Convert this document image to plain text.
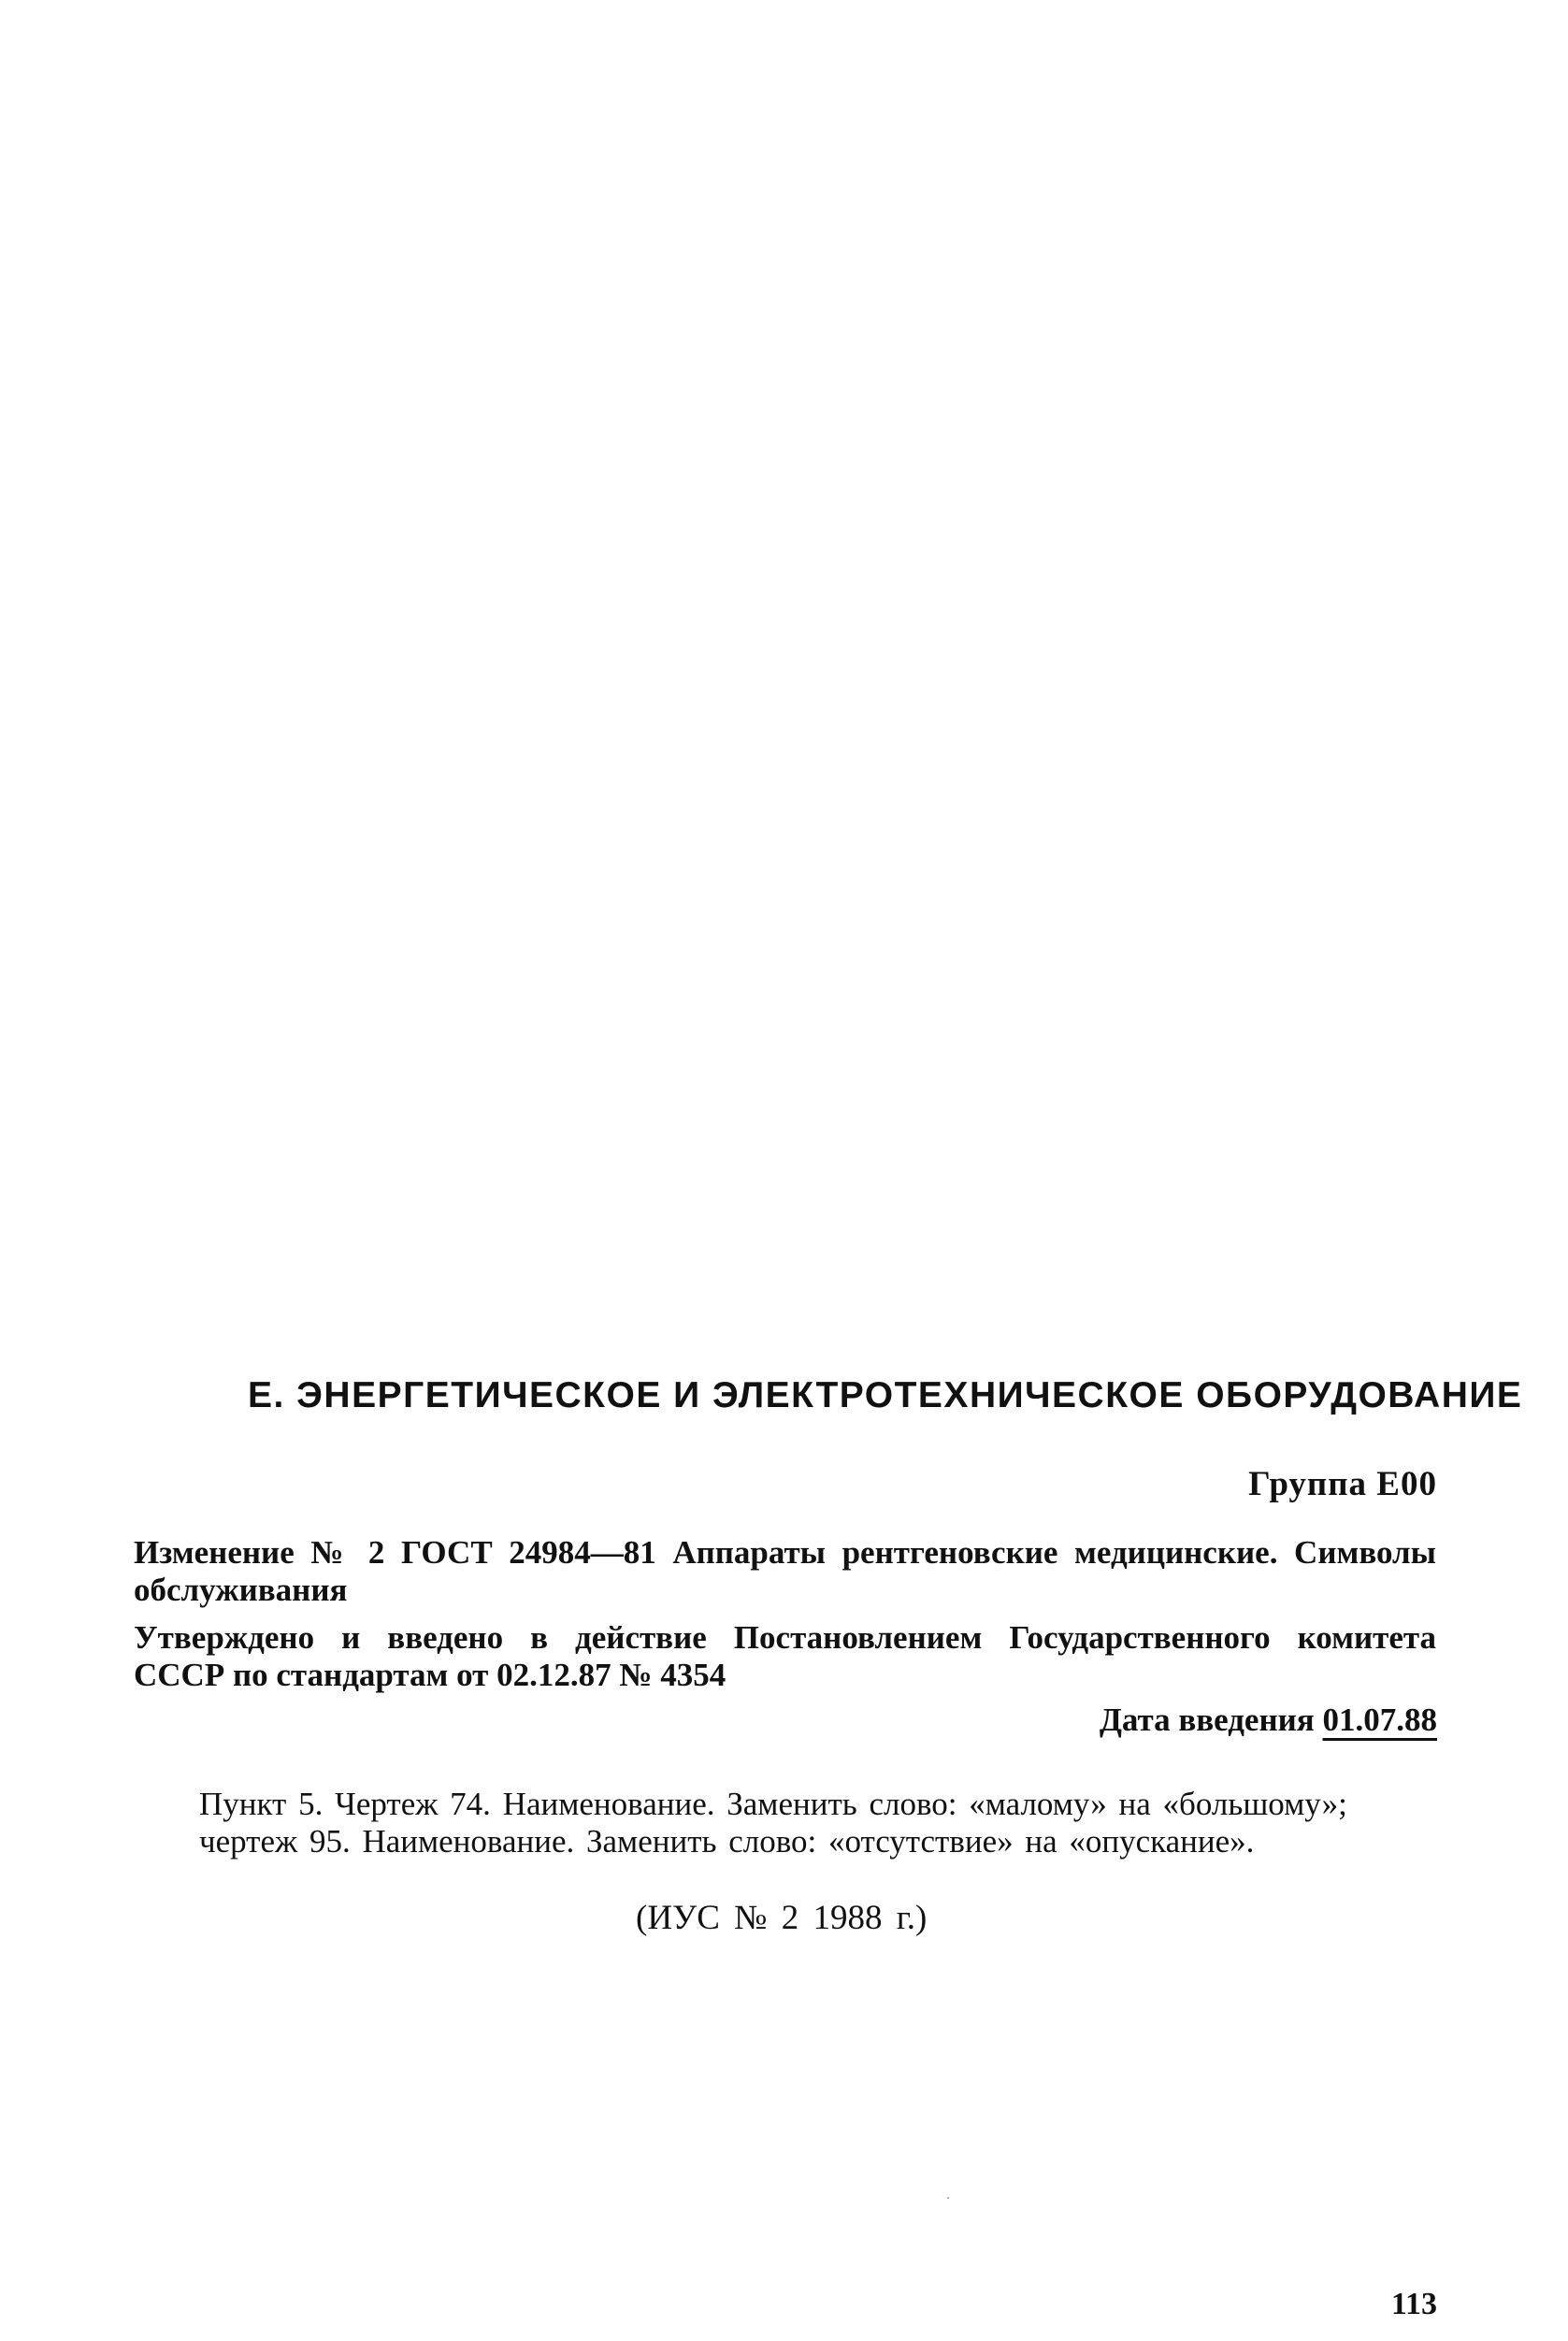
Е. ЭНЕРГЕТИЧЕСКОЕ И ЭЛЕКТРОТЕХНИЧЕСКОЕ ОБОРУДОВАНИЕ
Группа Е00
Изменение № 2 ГОСТ 24984—81 Аппараты рентгеновские медицинские. Символы обслуживания
Утверждено и введено в действие Постановлением Государственного комитета
СССР по стандартам от 02.12.87 № 4354
Дата введения 01.07.88
Пункт 5. Чертеж 74. Наименование. Заменить слово: «малому» на «большому»;
чертеж 95. Наименование. Заменить слово: «отсутствие» на «опускание».
(ИУС № 2 1988 г.)
113
